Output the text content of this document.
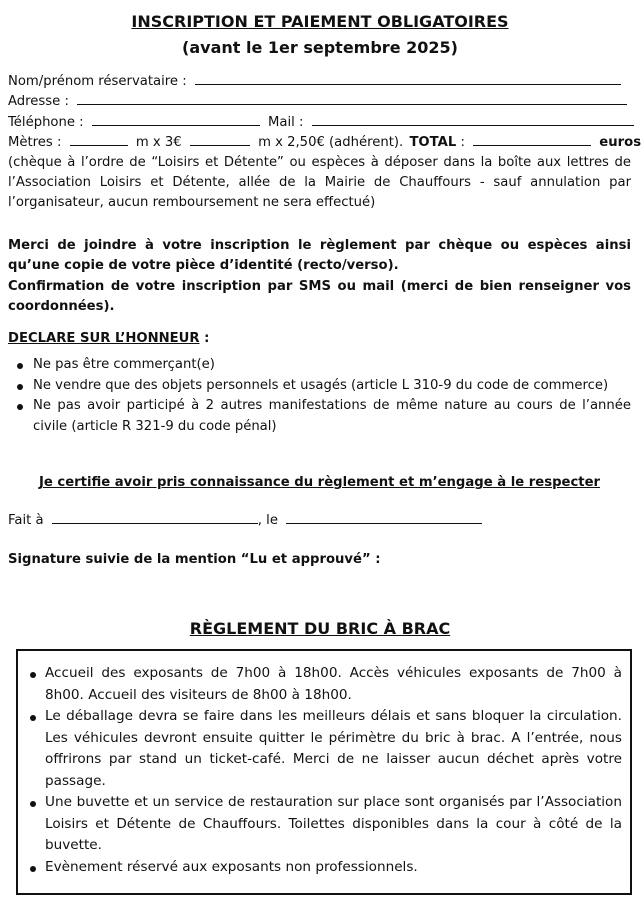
INSCRIPTION ET PAIEMENT OBLIGATOIRES
(avant le 1er septembre 2025)
Nom/prénom réservataire :
Adresse :
Téléphone :	Mail :
Mètres :	m x 3€	m x 2,50€ (adhérent). TOTAL :	euros
(chèque à l’ordre de “Loisirs et Détente” ou espèces à déposer dans la boîte aux lettres de l’Association Loisirs et Détente, allée de la Mairie de Chauffours - sauf annulation par l’organisateur, aucun remboursement ne sera effectué)
Merci de joindre à votre inscription le règlement par chèque ou espèces ainsi qu’une copie de votre pièce d’identité (recto/verso).
Confirmation de votre inscription par SMS ou mail (merci de bien renseigner vos coordonnées).
DECLARE SUR L’HONNEUR :
Ne pas être commerçant(e)
Ne vendre que des objets personnels et usagés (article L 310-9 du code de commerce)
Ne pas avoir participé à 2 autres manifestations de même nature au cours de l’année civile (article R 321-9 du code pénal)
Je certifie avoir pris connaissance du règlement et m’engage à le respecter
Fait à	, le
Signature suivie de la mention “Lu et approuvé” :
RÈGLEMENT DU BRIC À BRAC
Accueil des exposants de 7h00 à 18h00. Accès véhicules exposants de 7h00 à 8h00. Accueil des visiteurs de 8h00 à 18h00.
Le déballage devra se faire dans les meilleurs délais et sans bloquer la circulation. Les véhicules devront ensuite quitter le périmètre du bric à brac. A l’entrée, nous offrirons par stand un ticket-café. Merci de ne laisser aucun déchet après votre passage.
Une buvette et un service de restauration sur place sont organisés par l’Association Loisirs et Détente de Chauffours. Toilettes disponibles dans la cour à côté de la buvette.
Evènement réservé aux exposants non professionnels.
